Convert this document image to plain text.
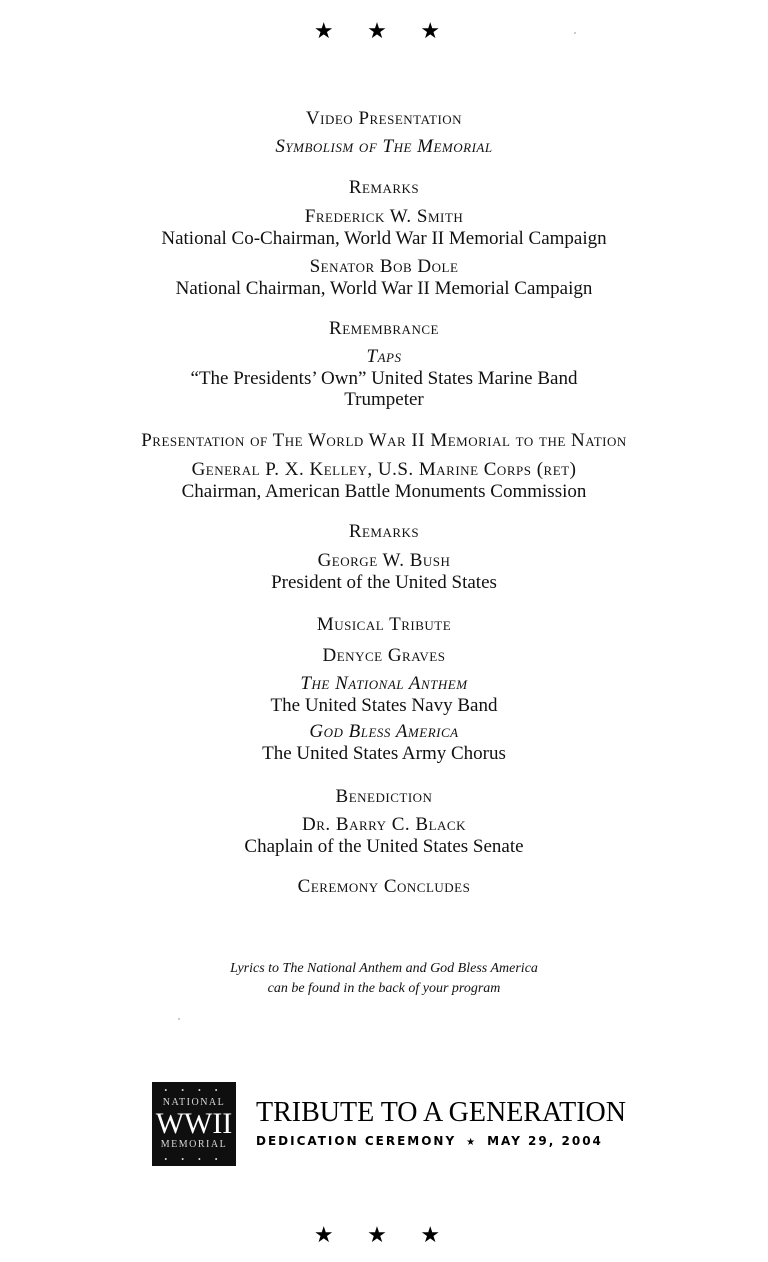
★ ★ ★
Video Presentation
Symbolism of The Memorial
Remarks
Frederick W. Smith
National Co-Chairman, World War II Memorial Campaign
Senator Bob Dole
National Chairman, World War II Memorial Campaign
Remembrance
Taps
“The Presidents’ Own” United States Marine Band
Trumpeter
Presentation of The World War II Memorial to the Nation
General P. X. Kelley, U.S. Marine Corps (ret)
Chairman, American Battle Monuments Commission
Remarks
George W. Bush
President of the United States
Musical Tribute
Denyce Graves
The National Anthem
The United States Navy Band
God Bless America
The United States Army Chorus
Benediction
Dr. Barry C. Black
Chaplain of the United States Senate
Ceremony Concludes
Lyrics to The National Anthem and God Bless America
can be found in the back of your program
• • • •
NATIONAL
WWII
MEMORIAL
• • • •
TRIBUTE TO A GENERATION
DEDICATION CEREMONY ★ MAY 29, 2004
★ ★ ★
